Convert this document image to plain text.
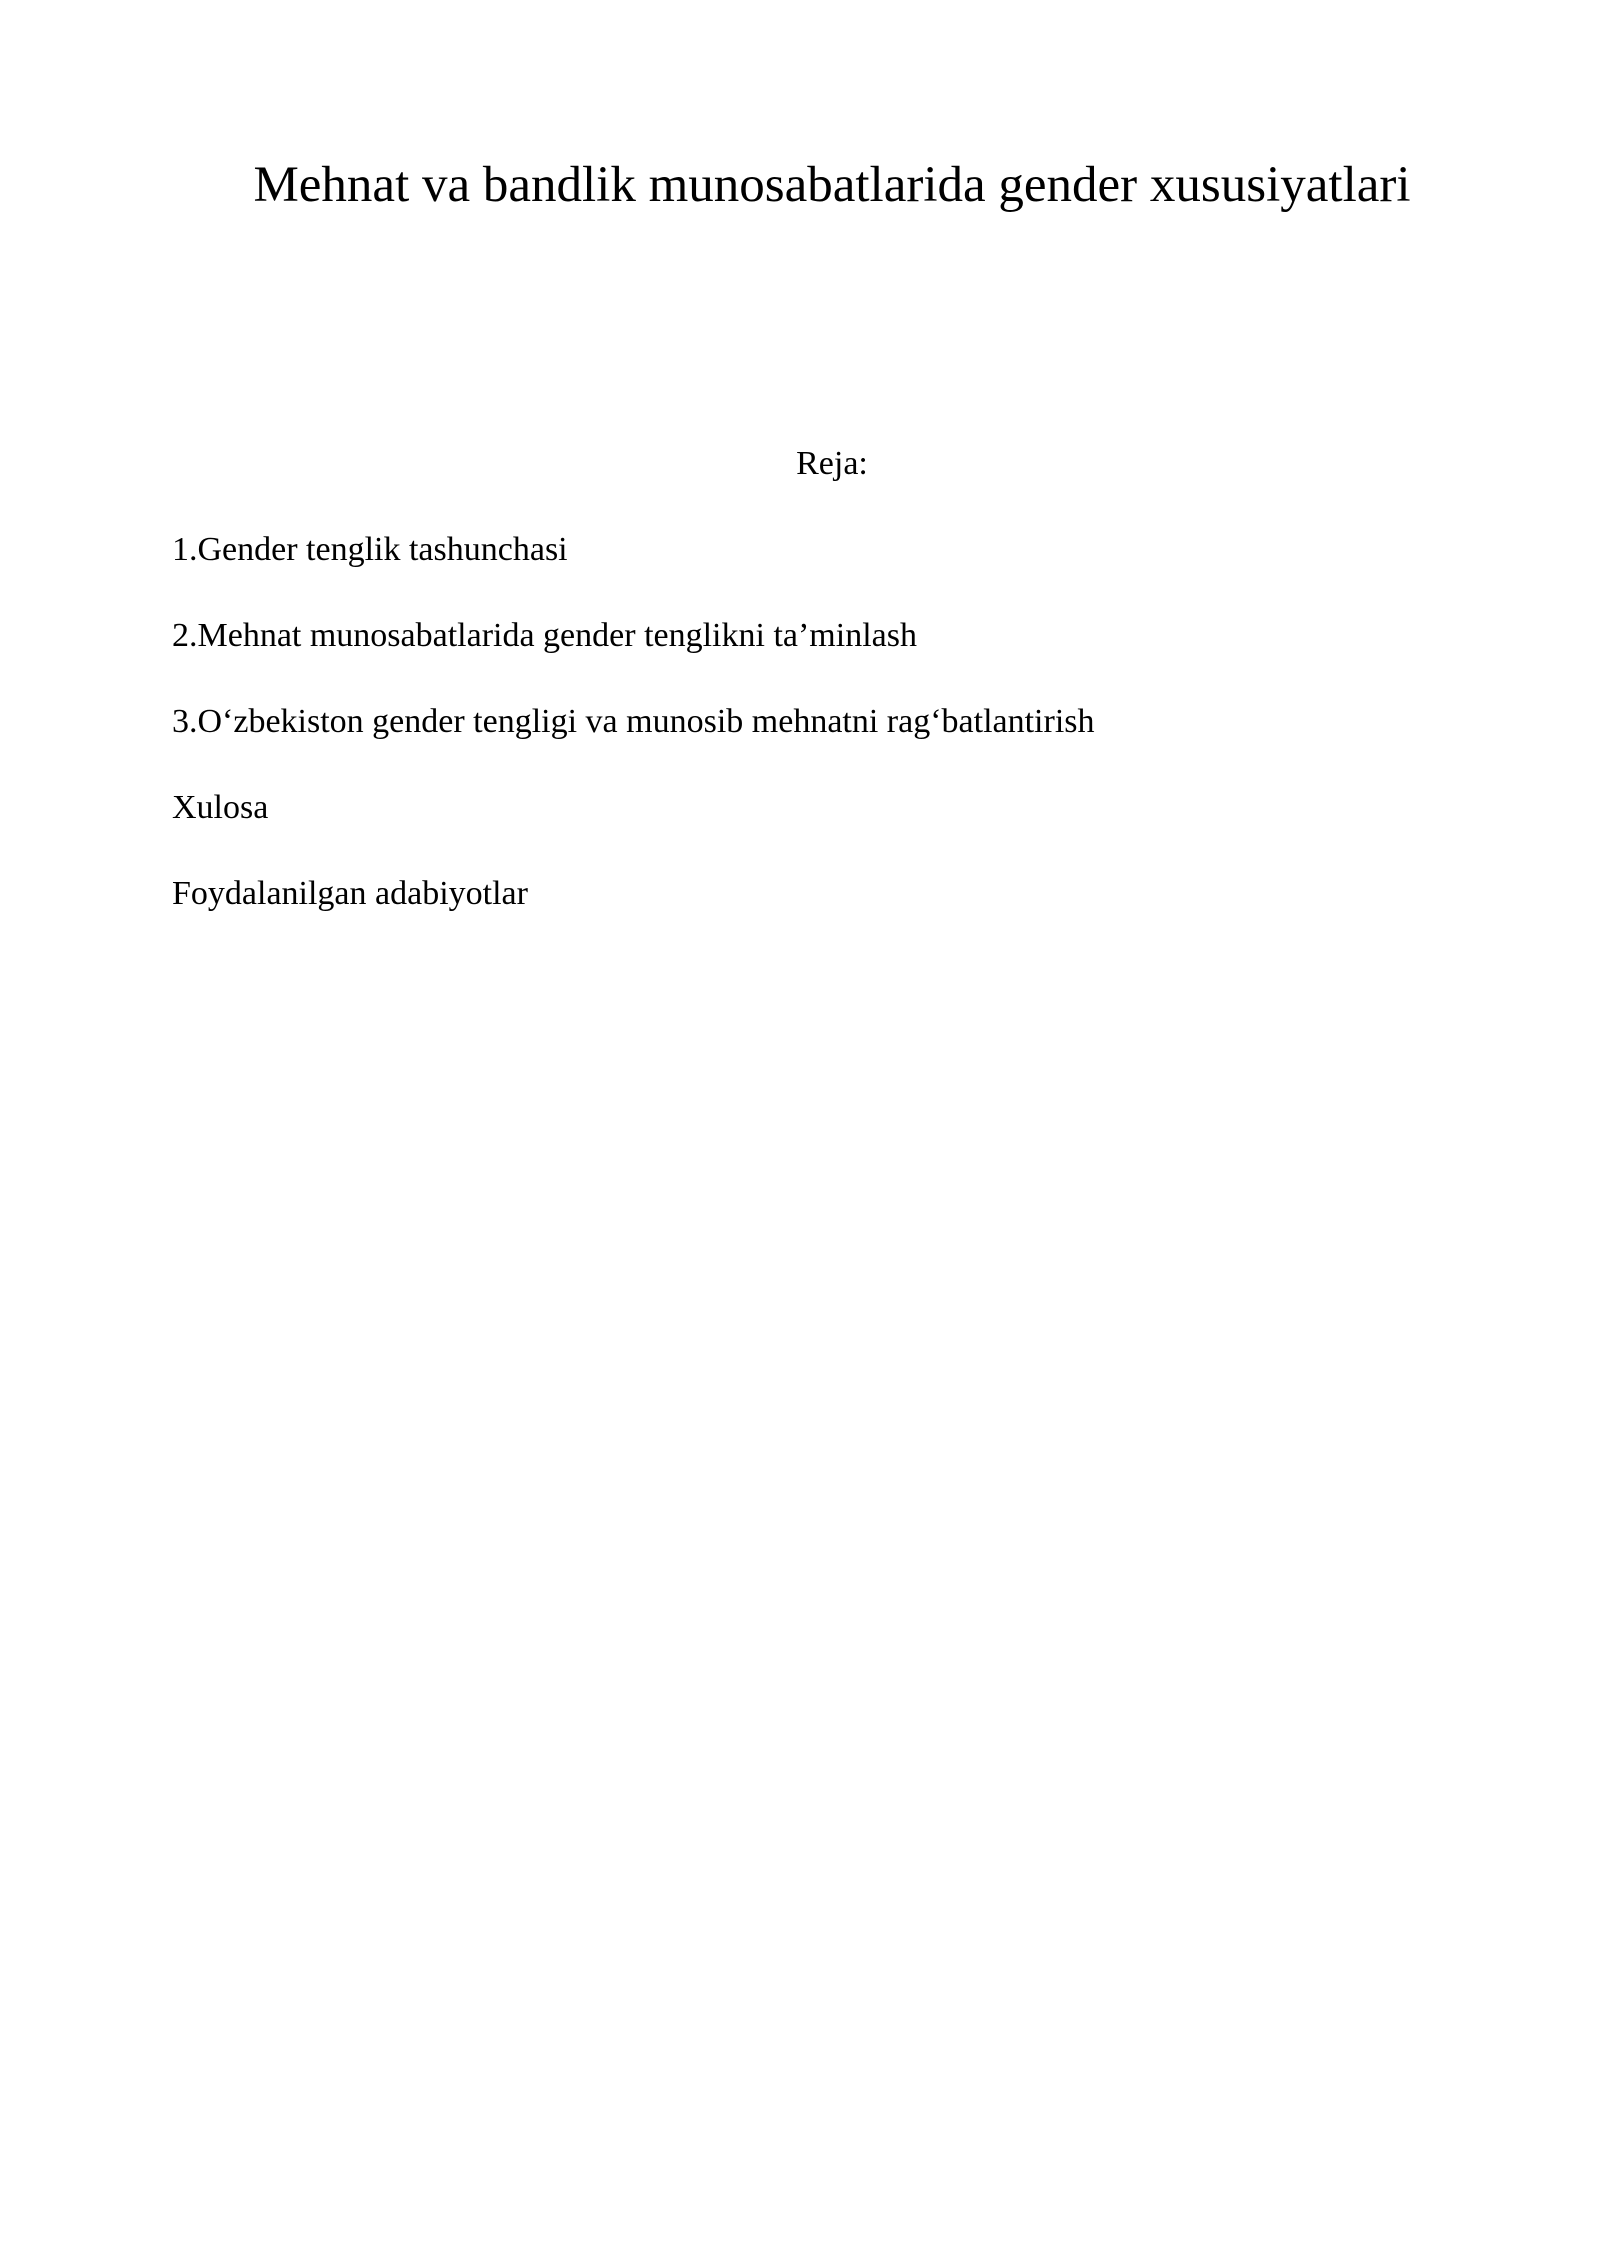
Mehnat va bandlik munosabatlarida gender xususiyatlari

Reja:

1.Gender tenglik tashunchasi
2.Mehnat munosabatlarida gender tenglikni ta’minlash
3.O‘zbekiston gender tengligi va munosib mehnatni rag‘batlantirish
Xulosa
Foydalanilgan adabiyotlar
